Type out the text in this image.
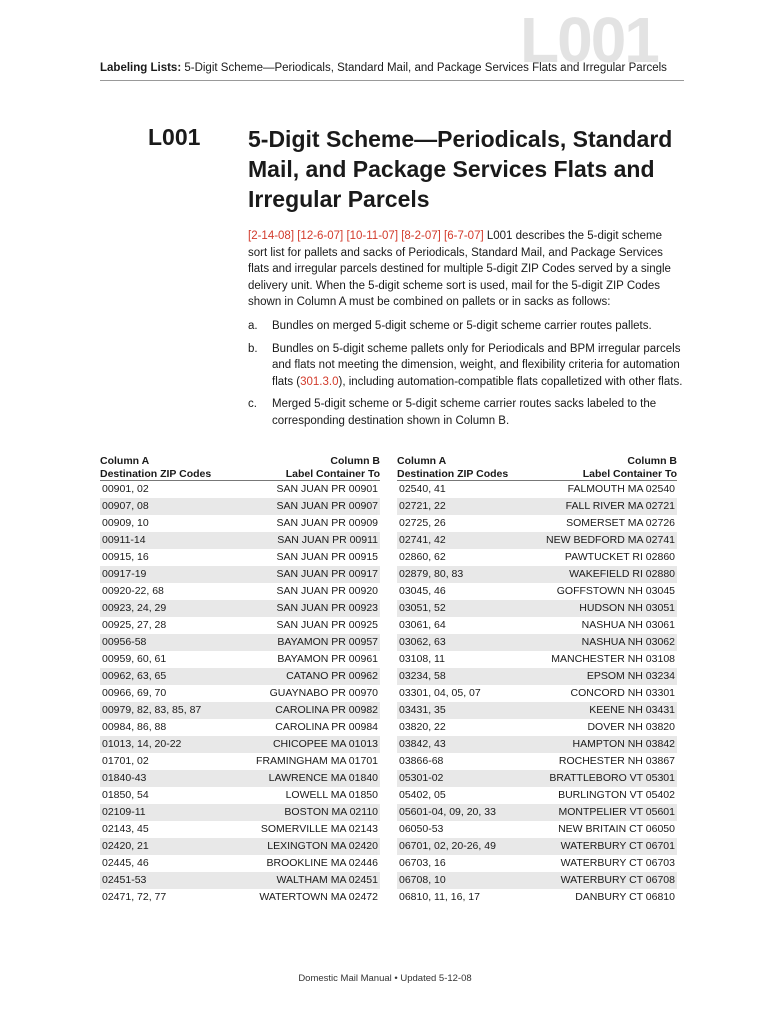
L001
Labeling Lists: 5-Digit Scheme—Periodicals, Standard Mail, and Package Services Flats and Irregular Parcels
L001 5-Digit Scheme—Periodicals, Standard Mail, and Package Services Flats and Irregular Parcels
[2-14-08] [12-6-07] [10-11-07] [8-2-07] [6-7-07] L001 describes the 5-digit scheme sort list for pallets and sacks of Periodicals, Standard Mail, and Package Services flats and irregular parcels destined for multiple 5-digit ZIP Codes served by a single delivery unit. When the 5-digit scheme sort is used, mail for the 5-digit ZIP Codes shown in Column A must be combined on pallets or in sacks as follows:
a.	Bundles on merged 5-digit scheme or 5-digit scheme carrier routes pallets.
b.	Bundles on 5-digit scheme pallets only for Periodicals and BPM irregular parcels and flats not meeting the dimension, weight, and flexibility criteria for automation flats (301.3.0), including automation-compatible flats copalletized with other flats.
c.	Merged 5-digit scheme or 5-digit scheme carrier routes sacks labeled to the corresponding destination shown in Column B.
Column A
Destination ZIP Codes
Column B
Label Container To
00901, 02	SAN JUAN PR 00901
00907, 08	SAN JUAN PR 00907
00909, 10	SAN JUAN PR 00909
00911-14	SAN JUAN PR 00911
00915, 16	SAN JUAN PR 00915
00917-19	SAN JUAN PR 00917
00920-22, 68	SAN JUAN PR 00920
00923, 24, 29	SAN JUAN PR 00923
00925, 27, 28	SAN JUAN PR 00925
00956-58	BAYAMON PR 00957
00959, 60, 61	BAYAMON PR 00961
00962, 63, 65	CATANO PR 00962
00966, 69, 70	GUAYNABO PR 00970
00979, 82, 83, 85, 87	CAROLINA PR 00982
00984, 86, 88	CAROLINA PR 00984
01013, 14, 20-22	CHICOPEE MA 01013
01701, 02	FRAMINGHAM MA 01701
01840-43	LAWRENCE MA 01840
01850, 54	LOWELL MA 01850
02109-11	BOSTON MA 02110
02143, 45	SOMERVILLE MA 02143
02420, 21	LEXINGTON MA 02420
02445, 46	BROOKLINE MA 02446
02451-53	WALTHAM MA 02451
02471, 72, 77	WATERTOWN MA 02472
Column A
Destination ZIP Codes
Column B
Label Container To
02540, 41	FALMOUTH MA 02540
02721, 22	FALL RIVER MA 02721
02725, 26	SOMERSET MA 02726
02741, 42	NEW BEDFORD MA 02741
02860, 62	PAWTUCKET RI 02860
02879, 80, 83	WAKEFIELD RI 02880
03045, 46	GOFFSTOWN NH 03045
03051, 52	HUDSON NH 03051
03061, 64	NASHUA NH 03061
03062, 63	NASHUA NH 03062
03108, 11	MANCHESTER NH 03108
03234, 58	EPSOM NH 03234
03301, 04, 05, 07	CONCORD NH 03301
03431, 35	KEENE NH 03431
03820, 22	DOVER NH 03820
03842, 43	HAMPTON NH 03842
03866-68	ROCHESTER NH 03867
05301-02	BRATTLEBORO VT 05301
05402, 05	BURLINGTON VT 05402
05601-04, 09, 20, 33	MONTPELIER VT 05601
06050-53	NEW BRITAIN CT 06050
06701, 02, 20-26, 49	WATERBURY CT 06701
06703, 16	WATERBURY CT 06703
06708, 10	WATERBURY CT 06708
06810, 11, 16, 17	DANBURY CT 06810
Domestic Mail Manual • Updated 5-12-08
